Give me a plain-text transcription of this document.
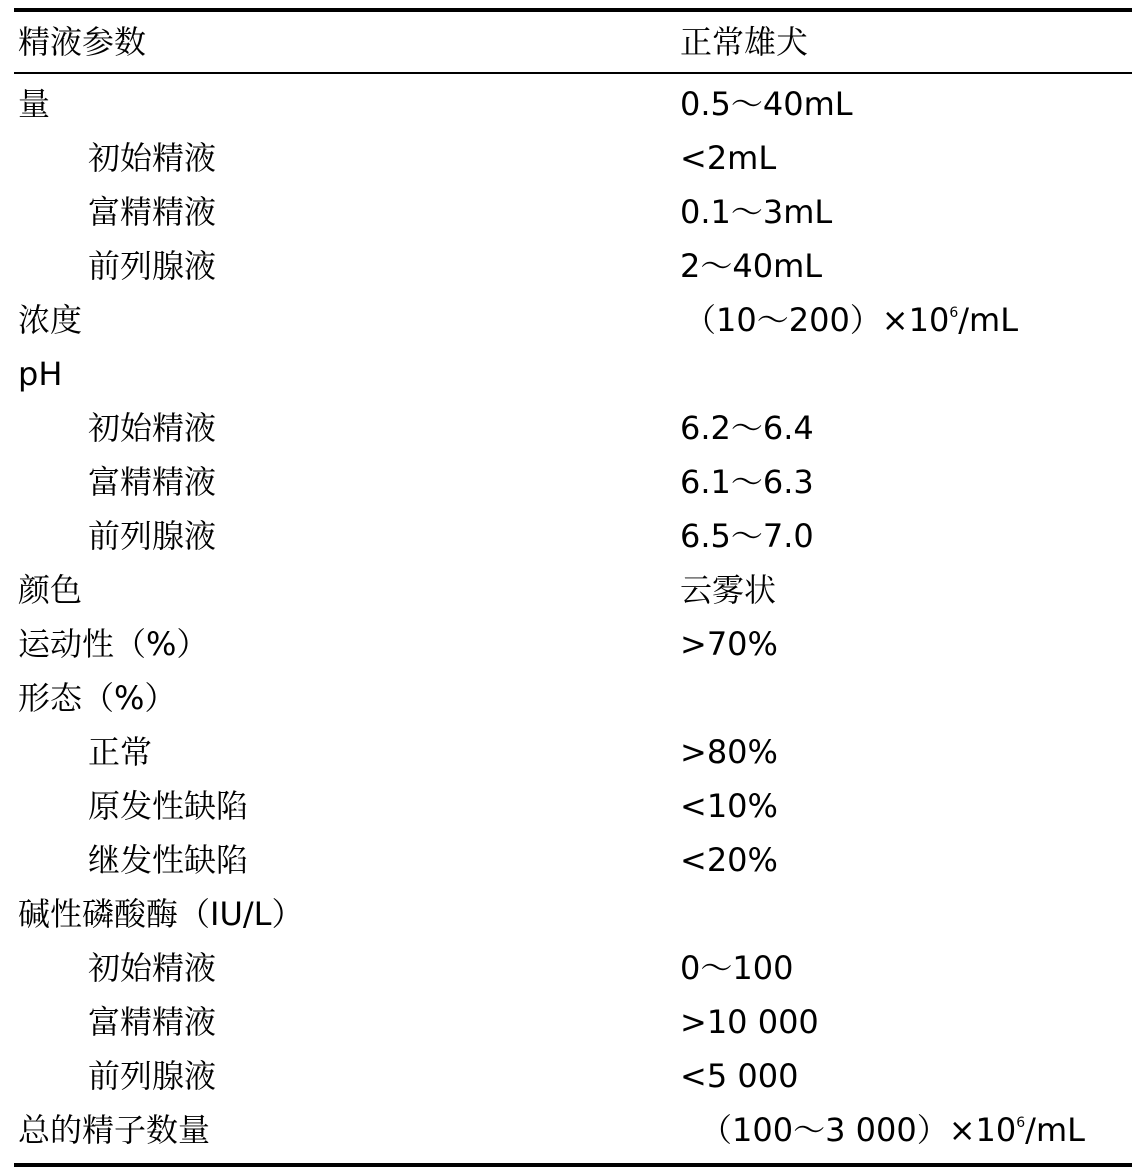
精液参数	正常雄犬
量	0.5～40mL
初始精液	<2mL
富精精液	0.1～3mL
前列腺液	2～40mL
浓度	$(10\sim 200)\times 10^6/mL$
pH
初始精液	6.2～6.4
富精精液	6.1～6.3
前列腺液	6.5～7.0
颜色	云雾状
运动性（%）	>70%
形态（%）
正常	>80%
原发性缺陷	<10%
继发性缺陷	<20%
碱性磷酸酶（IU/L）
初始精液	0～100
富精精液	>10 000
前列腺液	<5 000
总的精子数量	（100～3 $000)\times 10^6/mL$
